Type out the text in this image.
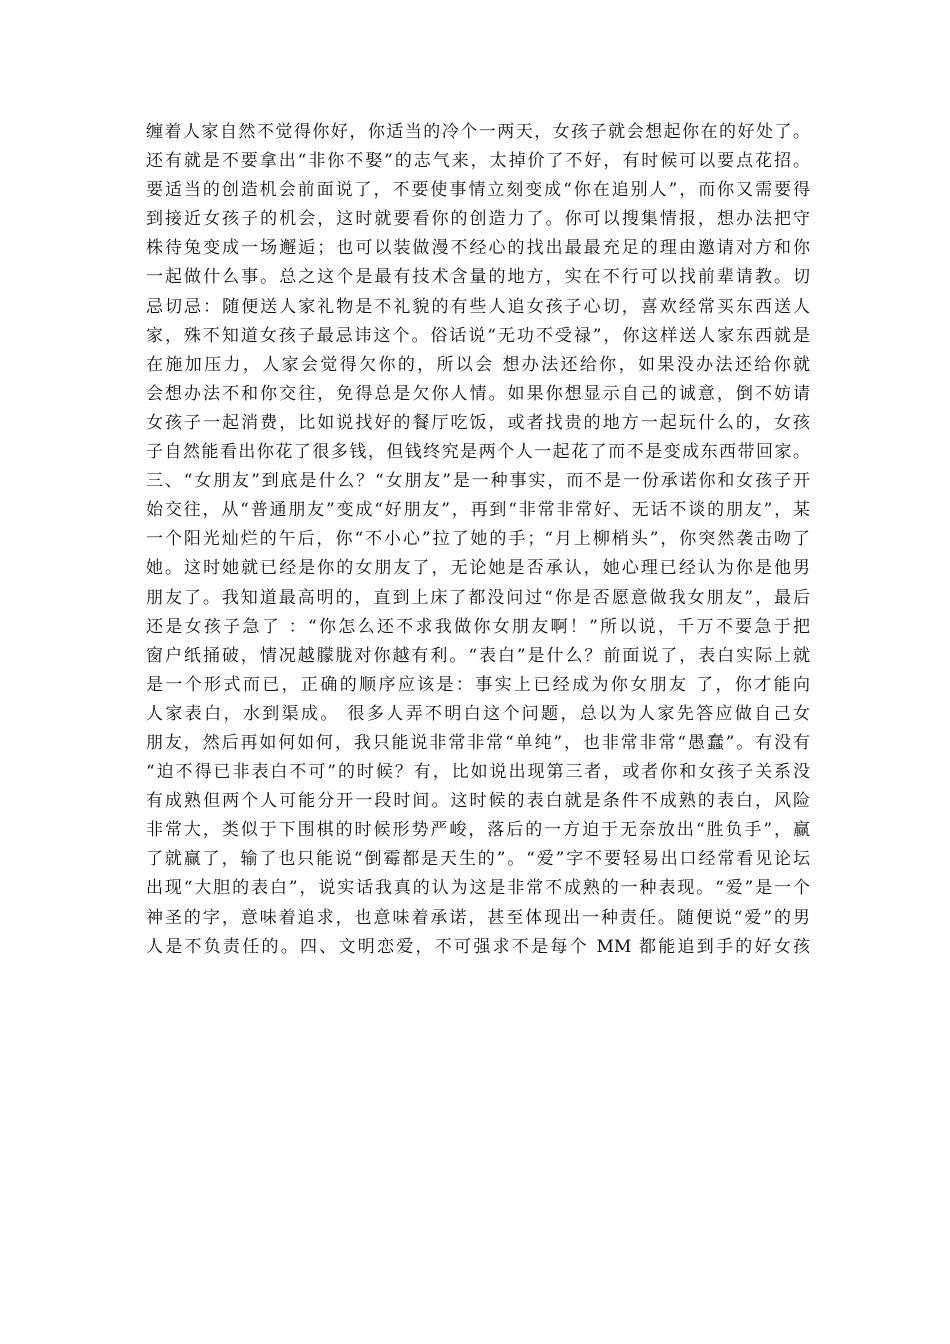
缠着人家自然不觉得你好，你适当的冷个一两天，女孩子就会想起你在的好处了。
还有就是不要拿出“非你不娶”的志气来，太掉价了不好，有时候可以要点花招。
要适当的创造机会前面说了，不要使事情立刻变成“你在追别人”，而你又需要得
到接近女孩子的机会，这时就要看你的创造力了。你可以搜集情报，想办法把守
株待兔变成一场邂逅；也可以装做漫不经心的找出最最充足的理由邀请对方和你
一起做什么事。总之这个是最有技术含量的地方，实在不行可以找前辈请教。切
忌切忌：随便送人家礼物是不礼貌的有些人追女孩子心切，喜欢经常买东西送人
家，殊不知道女孩子最忌讳这个。俗话说“无功不受禄”，你这样送人家东西就是
在施加压力，人家会觉得欠你的，所以会 想办法还给你，如果没办法还给你就
会想办法不和你交往，免得总是欠你人情。如果你想显示自己的诚意，倒不妨请
女孩子一起消费，比如说找好的餐厅吃饭，或者找贵的地方一起玩什么的，女孩
子自然能看出你花了很多钱，但钱终究是两个人一起花了而不是变成东西带回家。
三、“女朋友”到底是什么？“女朋友”是一种事实，而不是一份承诺你和女孩子开
始交往，从“普通朋友”变成“好朋友”，再到“非常非常好、无话不谈的朋友”，某
一个阳光灿烂的午后，你“不小心”拉了她的手；“月上柳梢头”，你突然袭击吻了
她。这时她就已经是你的女朋友了，无论她是否承认，她心理已经认为你是他男
朋友了。我知道最高明的，直到上床了都没问过“你是否愿意做我女朋友”，最后
还是女孩子急了 ：“你怎么还不求我做你女朋友啊！”所以说，千万不要急于把
窗户纸捅破，情况越朦胧对你越有利。“表白”是什么？前面说了，表白实际上就
是一个形式而已，正确的顺序应该是：事实上已经成为你女朋友 了，你才能向
人家表白，水到渠成。 很多人弄不明白这个问题，总以为人家先答应做自己女
朋友，然后再如何如何，我只能说非常非常“单纯”，也非常非常“愚蠢”。有没有
“迫不得已非表白不可”的时候？有，比如说出现第三者，或者你和女孩子关系没
有成熟但两个人可能分开一段时间。这时候的表白就是条件不成熟的表白，风险
非常大，类似于下围棋的时候形势严峻，落后的一方迫于无奈放出“胜负手”，赢
了就赢了，输了也只能说“倒霉都是天生的”。“爱”字不要轻易出口经常看见论坛
出现“大胆的表白”，说实话我真的认为这是非常不成熟的一种表现。“爱”是一个
神圣的字，意味着追求，也意味着承诺，甚至体现出一种责任。随便说“爱”的男
人是不负责任的。四、文明恋爱，不可强求不是每个 MM 都能追到手的好女孩
